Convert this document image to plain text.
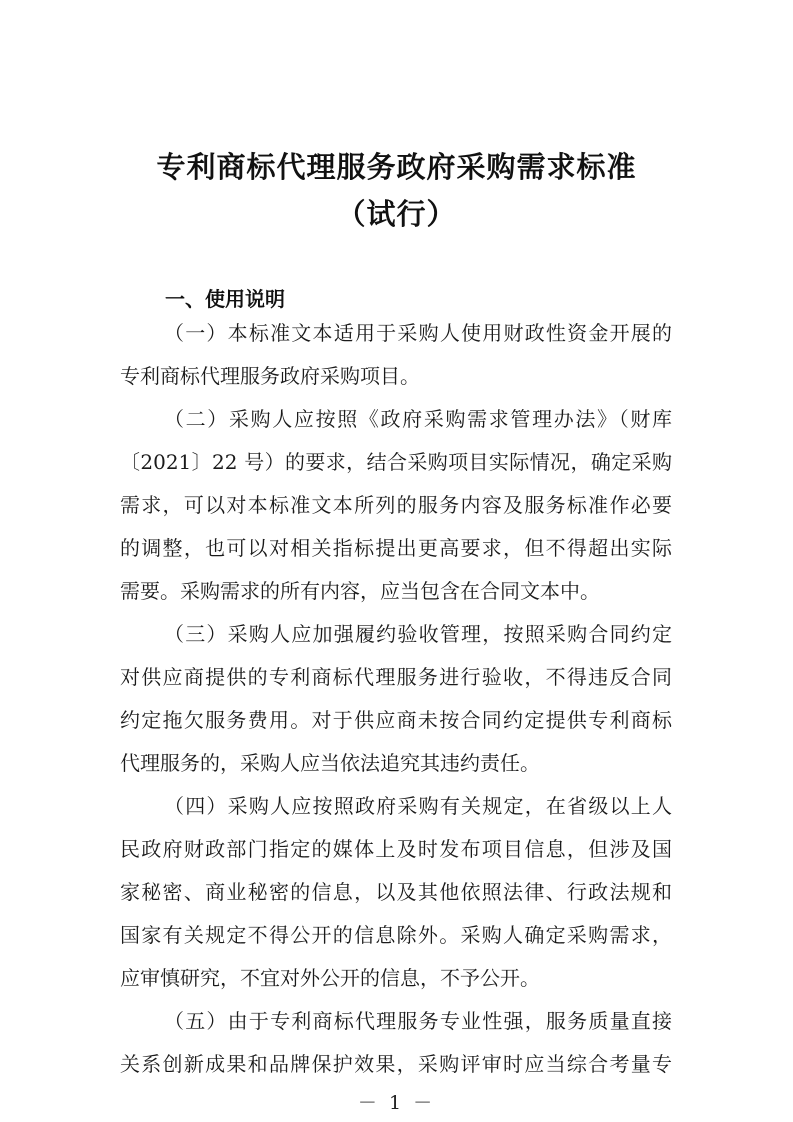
专利商标代理服务政府采购需求标准
（试行）
一、使用说明
（一）本标准文本适用于采购人使用财政性资金开展的
专利商标代理服务政府采购项目。
（二）采购人应按照《政府采购需求管理办法》（财库
〔2021〕22 号）的要求，结合采购项目实际情况，确定采购
需求，可以对本标准文本所列的服务内容及服务标准作必要
的调整，也可以对相关指标提出更高要求，但不得超出实际
需要。采购需求的所有内容，应当包含在合同文本中。
（三）采购人应加强履约验收管理，按照采购合同约定
对供应商提供的专利商标代理服务进行验收，不得违反合同
约定拖欠服务费用。对于供应商未按合同约定提供专利商标
代理服务的，采购人应当依法追究其违约责任。
（四）采购人应按照政府采购有关规定，在省级以上人
民政府财政部门指定的媒体上及时发布项目信息，但涉及国
家秘密、商业秘密的信息，以及其他依照法律、行政法规和
国家有关规定不得公开的信息除外。采购人确定采购需求，
应审慎研究，不宜对外公开的信息，不予公开。
（五）由于专利商标代理服务专业性强，服务质量直接
关系创新成果和品牌保护效果，采购评审时应当综合考量专
－ 1 －
